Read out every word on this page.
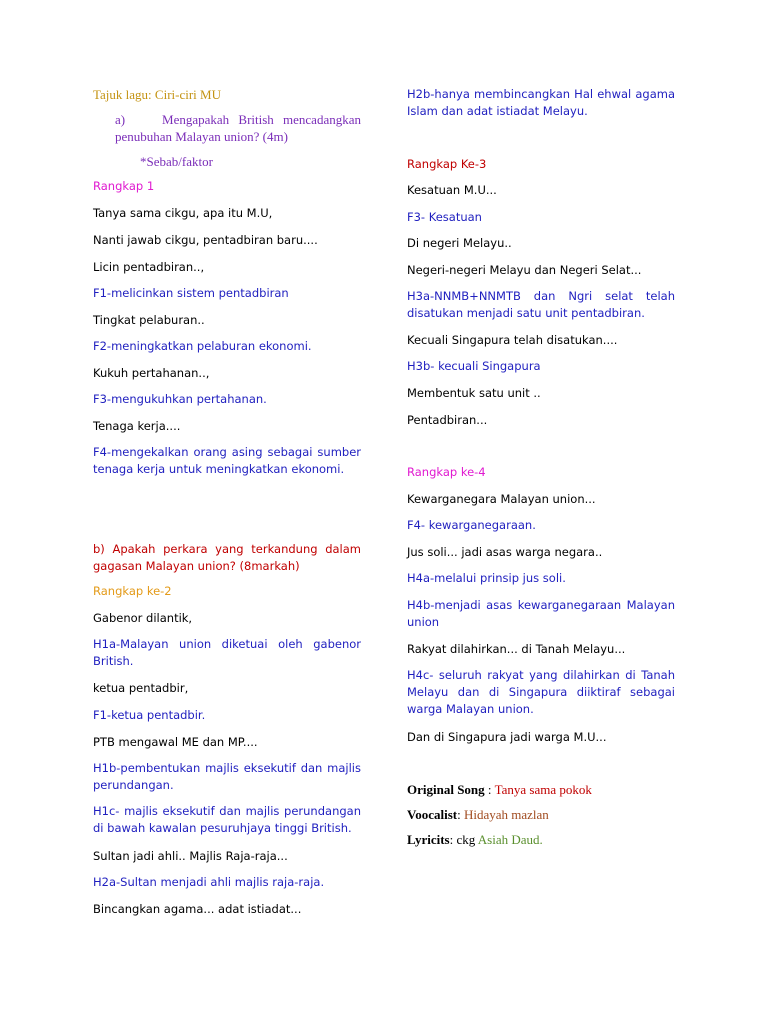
Tajuk lagu: Ciri-ciri MU

a)    Mengapakah British mencadangkan penubuhan Malayan union? (4m)

*Sebab/faktor

Rangkap 1

Tanya sama cikgu, apa itu M.U,

Nanti jawab cikgu, pentadbiran baru....

Licin pentadbiran..,

F1-melicinkan sistem pentadbiran

Tingkat pelaburan..

F2-meningkatkan pelaburan ekonomi.

Kukuh pertahanan..,

F3-mengukuhkan pertahanan.

Tenaga kerja....

F4-mengekalkan orang asing sebagai sumber tenaga kerja untuk meningkatkan ekonomi.

b) Apakah perkara yang terkandung dalam gagasan Malayan union? (8markah)

Rangkap ke-2

Gabenor dilantik,

H1a-Malayan union diketuai oleh gabenor British.

ketua pentadbir,

F1-ketua pentadbir.

PTB mengawal ME dan MP....

H1b-pembentukan majlis eksekutif dan majlis perundangan.

H1c- majlis eksekutif dan majlis perundangan di bawah kawalan pesuruhjaya tinggi British.

Sultan jadi ahli.. Majlis Raja-raja...

H2a-Sultan menjadi ahli majlis raja-raja.

Bincangkan agama... adat istiadat...

H2b-hanya membincangkan Hal ehwal agama Islam dan adat istiadat Melayu.

Rangkap Ke-3

Kesatuan M.U...

F3- Kesatuan

Di negeri Melayu..

Negeri-negeri Melayu dan Negeri Selat...

H3a-NNMB+NNMTB dan Ngri selat telah disatukan menjadi satu unit pentadbiran.

Kecuali Singapura telah disatukan....

H3b- kecuali Singapura

Membentuk satu unit ..

Pentadbiran...

Rangkap ke-4

Kewarganegara Malayan union...

F4- kewarganegaraan.

Jus soli... jadi asas warga negara..

H4a-melalui prinsip jus soli.

H4b-menjadi asas kewarganegaraan Malayan union

Rakyat dilahirkan... di Tanah Melayu...

H4c- seluruh rakyat yang dilahirkan di Tanah Melayu dan di Singapura diiktiraf sebagai warga Malayan union.

Dan di Singapura jadi warga M.U...

Original Song : Tanya sama pokok

Voocalist: Hidayah mazlan

Lyricits: ckg Asiah Daud.
